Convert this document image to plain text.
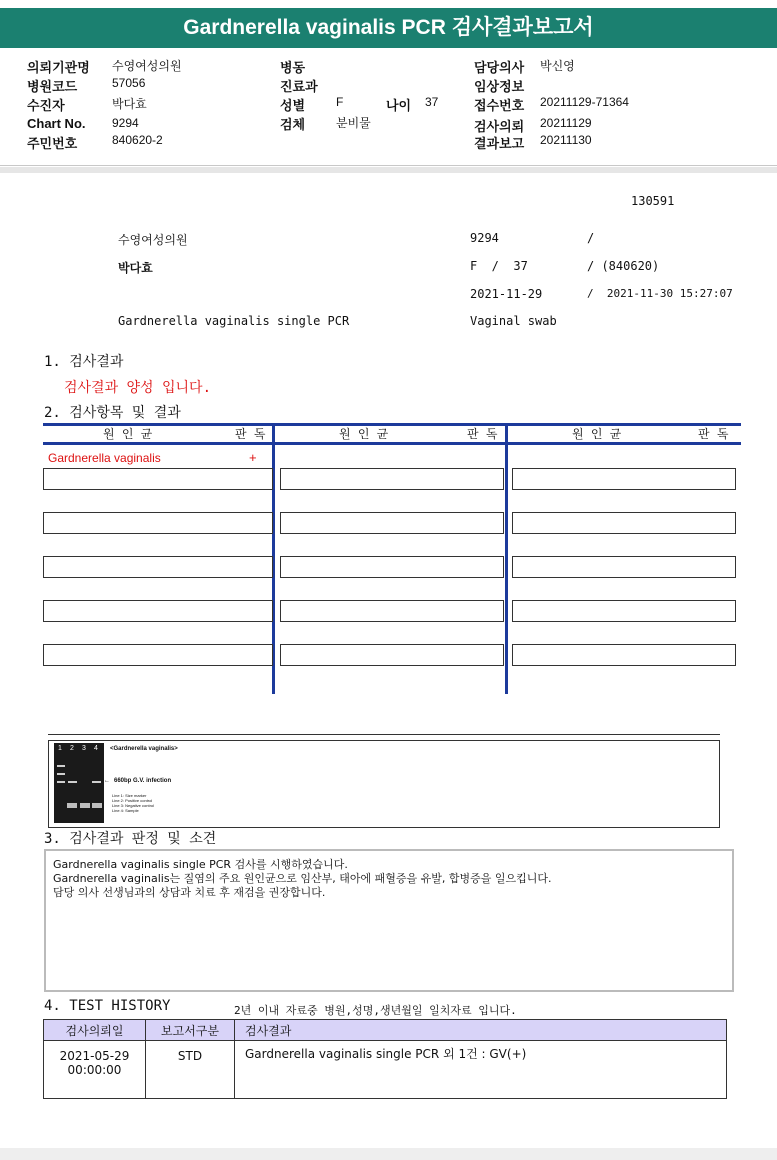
Gardnerella vaginalis PCR 검사결과보고서
의뢰기관명 수영여성의원
병원코드	57056
수진자	박다효
Chart No. 9294
주민번호	840620-2
병동
진료과
성별	F	나이 37
검체	분비물
담당의사 박신영
임상정보
접수번호 20211129-71364
검사의뢰 20211129
결과보고 20211130
130591
수영여성의원	9294	/
박다효	F  /  37	/ (840620)
2021-11-29	/  2021-11-30 15:27:07
Gardnerella vaginalis single PCR	Vaginal swab
1. 검사결과
검사결과 양성 입니다.
2. 검사항목 및 결과
원 인 균	판 독	원 인 균	판 독	원 인 균	판 독
Gardnerella vaginalis	+
1 2 3 4 <Gardnerella vaginalis>
← 660bp G.V. infection
Line 1: Size marker
Line 2: Positive control
Line 3: Negative control
Line 4: Sample
3. 검사결과 판정 및 소견
Gardnerella vaginalis single PCR 검사를 시행하였습니다.
Gardnerella vaginalis는 질염의 주요 원인균으로 임산부, 태아에 패혈증을 유발, 합병증을 일으킵니다.
담당 의사 선생님과의 상담과 치료 후 재검을 권장합니다.
4. TEST HISTORY	2년 이내 자료중 병원,성명,생년월일 일치자료 입니다.
검사의뢰일	보고서구분	검사결과

2021-05-29
00:00:00	STD	Gardnerella vaginalis single PCR 외 1건 : GV(+)
